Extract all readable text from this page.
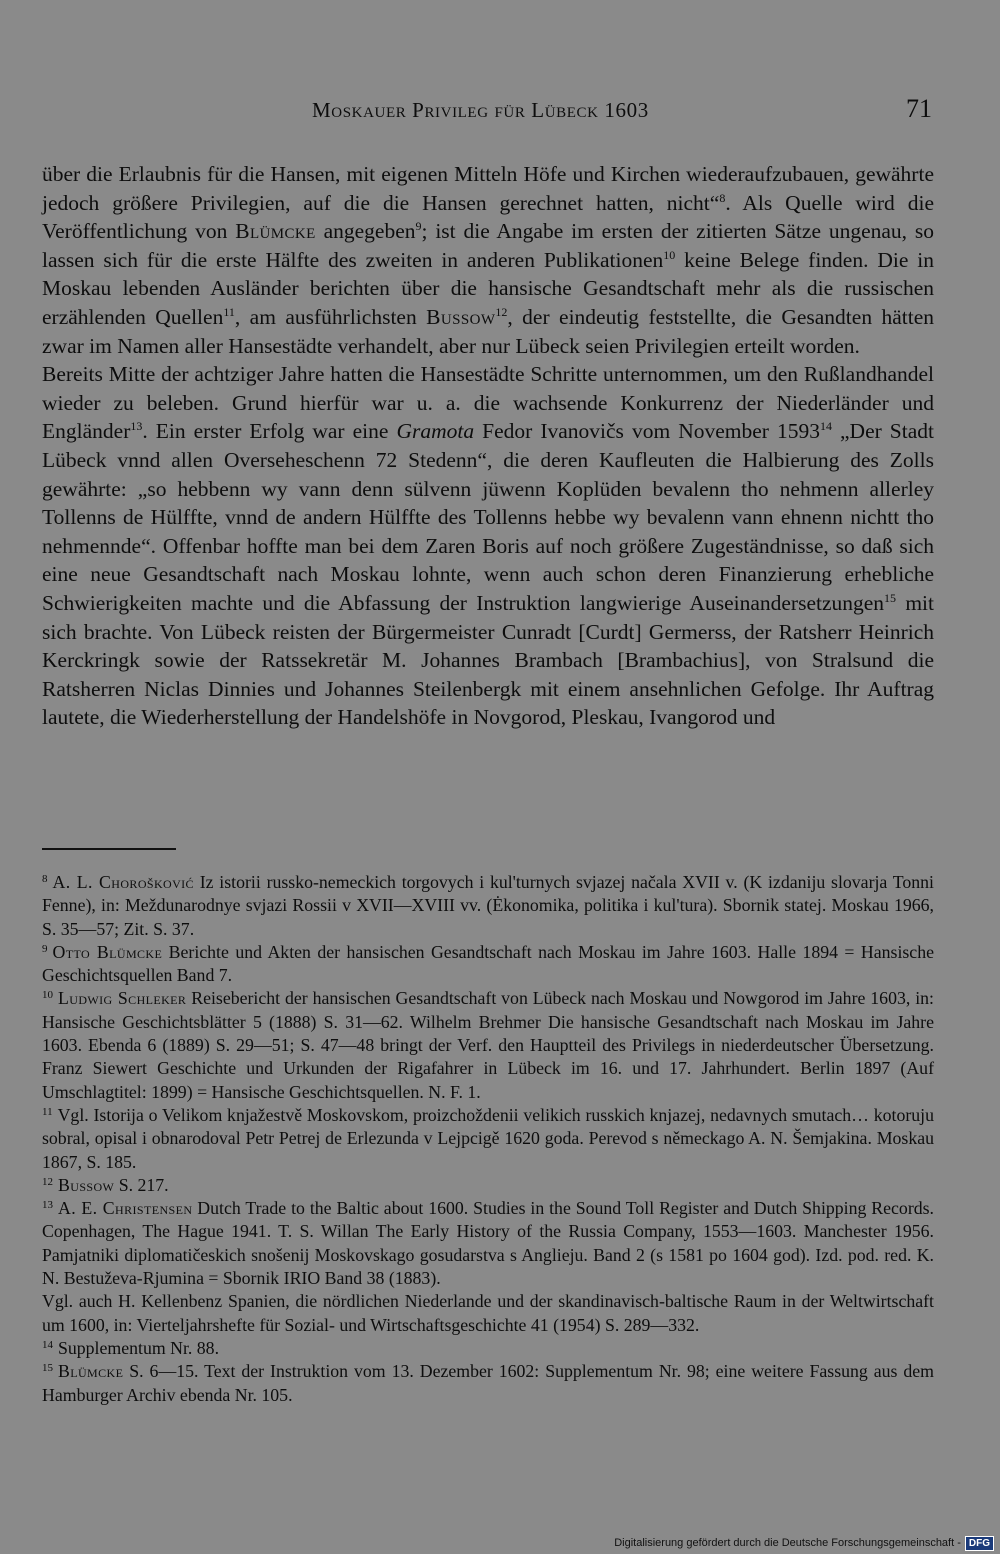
Moskauer Privileg für Lübeck 1603	71

über die Erlaubnis für die Hansen, mit eigenen Mitteln Höfe und Kirchen wiederaufzubauen, gewährte jedoch größere Privilegien, auf die die Hansen gerechnet hatten, nicht“$^8$. Als Quelle wird die Veröffentlichung von Blümcke angegeben$^9$; ist die Angabe im ersten der zitierten Sätze ungenau, so lassen sich für die erste Hälfte des zweiten in anderen Publikationen$^{10}$ keine Belege finden. Die in Moskau lebenden Ausländer berichten über die hansische Gesandtschaft mehr als die russischen erzählenden Quellen$^{11}$, am ausführlichsten Bussow$^{12}$, der eindeutig feststellte, die Gesandten hätten zwar im Namen aller Hansestädte verhandelt, aber nur Lübeck seien Privilegien erteilt worden.

Bereits Mitte der achtziger Jahre hatten die Hansestädte Schritte unternommen, um den Rußlandhandel wieder zu beleben. Grund hierfür war u. a. die wachsende Konkurrenz der Niederländer und Engländer$^{13}$. Ein erster Erfolg war eine Gramota Fedor Ivanovičs vom November 1593$^{14}$ „Der Stadt Lübeck vnnd allen Overseheschenn 72 Stedenn“, die deren Kaufleuten die Halbierung des Zolls gewährte: „so hebbenn wy vann denn sülvenn jüwenn Koplüden bevalenn tho nehmenn allerley Tollenns de Hülffte, vnnd de andern Hülffte des Tollenns hebbe wy bevalenn vann ehnenn nichtt tho nehmennde“. Offenbar hoffte man bei dem Zaren Boris auf noch größere Zugeständnisse, so daß sich eine neue Gesandtschaft nach Moskau lohnte, wenn auch schon deren Finanzierung erhebliche Schwierigkeiten machte und die Abfassung der Instruktion langwierige Auseinandersetzungen$^{15}$ mit sich brachte. Von Lübeck reisten der Bürgermeister Cunradt [Curdt] Germerss, der Ratsherr Heinrich Kerckringk sowie der Ratssekretär M. Johannes Brambach [Brambachius], von Stralsund die Ratsherren Niclas Dinnies und Johannes Steilenbergk mit einem ansehnlichen Gefolge. Ihr Auftrag lautete, die Wiederherstellung der Handelshöfe in Novgorod, Pleskau, Ivangorod und

$^8$ A. L. Chorošković Iz istorii russko-nemeckich torgovych i kul'turnych svjazej načala XVII v. (K izdaniju slovarja Tonni Fenne), in: Meždunarodnye svjazi Rossii v XVII—XVIII vv. (Ėkonomika, politika i kul'tura). Sbornik statej. Moskau 1966, S. 35—57; Zit. S. 37.

$^9$ Otto Blümcke Berichte und Akten der hansischen Gesandtschaft nach Moskau im Jahre 1603. Halle 1894 = Hansische Geschichtsquellen Band 7.

$^{10}$ Ludwig Schleker Reisebericht der hansischen Gesandtschaft von Lübeck nach Moskau und Nowgorod im Jahre 1603, in: Hansische Geschichtsblätter 5 (1888) S. 31—62. Wilhelm Brehmer Die hansische Gesandtschaft nach Moskau im Jahre 1603. Ebenda 6 (1889) S. 29—51; S. 47—48 bringt der Verf. den Hauptteil des Privilegs in niederdeutscher Übersetzung. Franz Siewert Geschichte und Urkunden der Rigafahrer in Lübeck im 16. und 17. Jahrhundert. Berlin 1897 (Auf Umschlagtitel: 1899) = Hansische Geschichtsquellen. N. F. 1.

$^{11}$ Vgl. Istorija o Velikom knjažestvě Moskovskom, proizchoždenii velikich russkich knjazej, nedavnych smutach… kotoruju sobral, opisal i obnarodoval Petr Petrej de Erlezunda v Lejpcigě 1620 goda. Perevod s německago A. N. Šemjakina. Moskau 1867, S. 185.

$^{12}$ Bussow S. 217.

$^{13}$ A. E. Christensen Dutch Trade to the Baltic about 1600. Studies in the Sound Toll Register and Dutch Shipping Records. Copenhagen, The Hague 1941. T. S. Willan The Early History of the Russia Company, 1553—1603. Manchester 1956. Pamjatniki diplomatičeskich snošenij Moskovskago gosudarstva s Anglieju. Band 2 (s 1581 po 1604 god). Izd. pod. red. K. N. Bestuževa-Rjumina = Sbornik IRIO Band 38 (1883).

Vgl. auch H. Kellenbenz Spanien, die nördlichen Niederlande und der skandinavisch-baltische Raum in der Weltwirtschaft um 1600, in: Vierteljahrshefte für Sozial- und Wirtschaftsgeschichte 41 (1954) S. 289—332.

$^{14}$ Supplementum Nr. 88.

$^{15}$ Blümcke S. 6—15. Text der Instruktion vom 13. Dezember 1602: Supplementum Nr. 98; eine weitere Fassung aus dem Hamburger Archiv ebenda Nr. 105.

Digitalisierung gefördert durch die Deutsche Forschungsgemeinschaft - DFG
